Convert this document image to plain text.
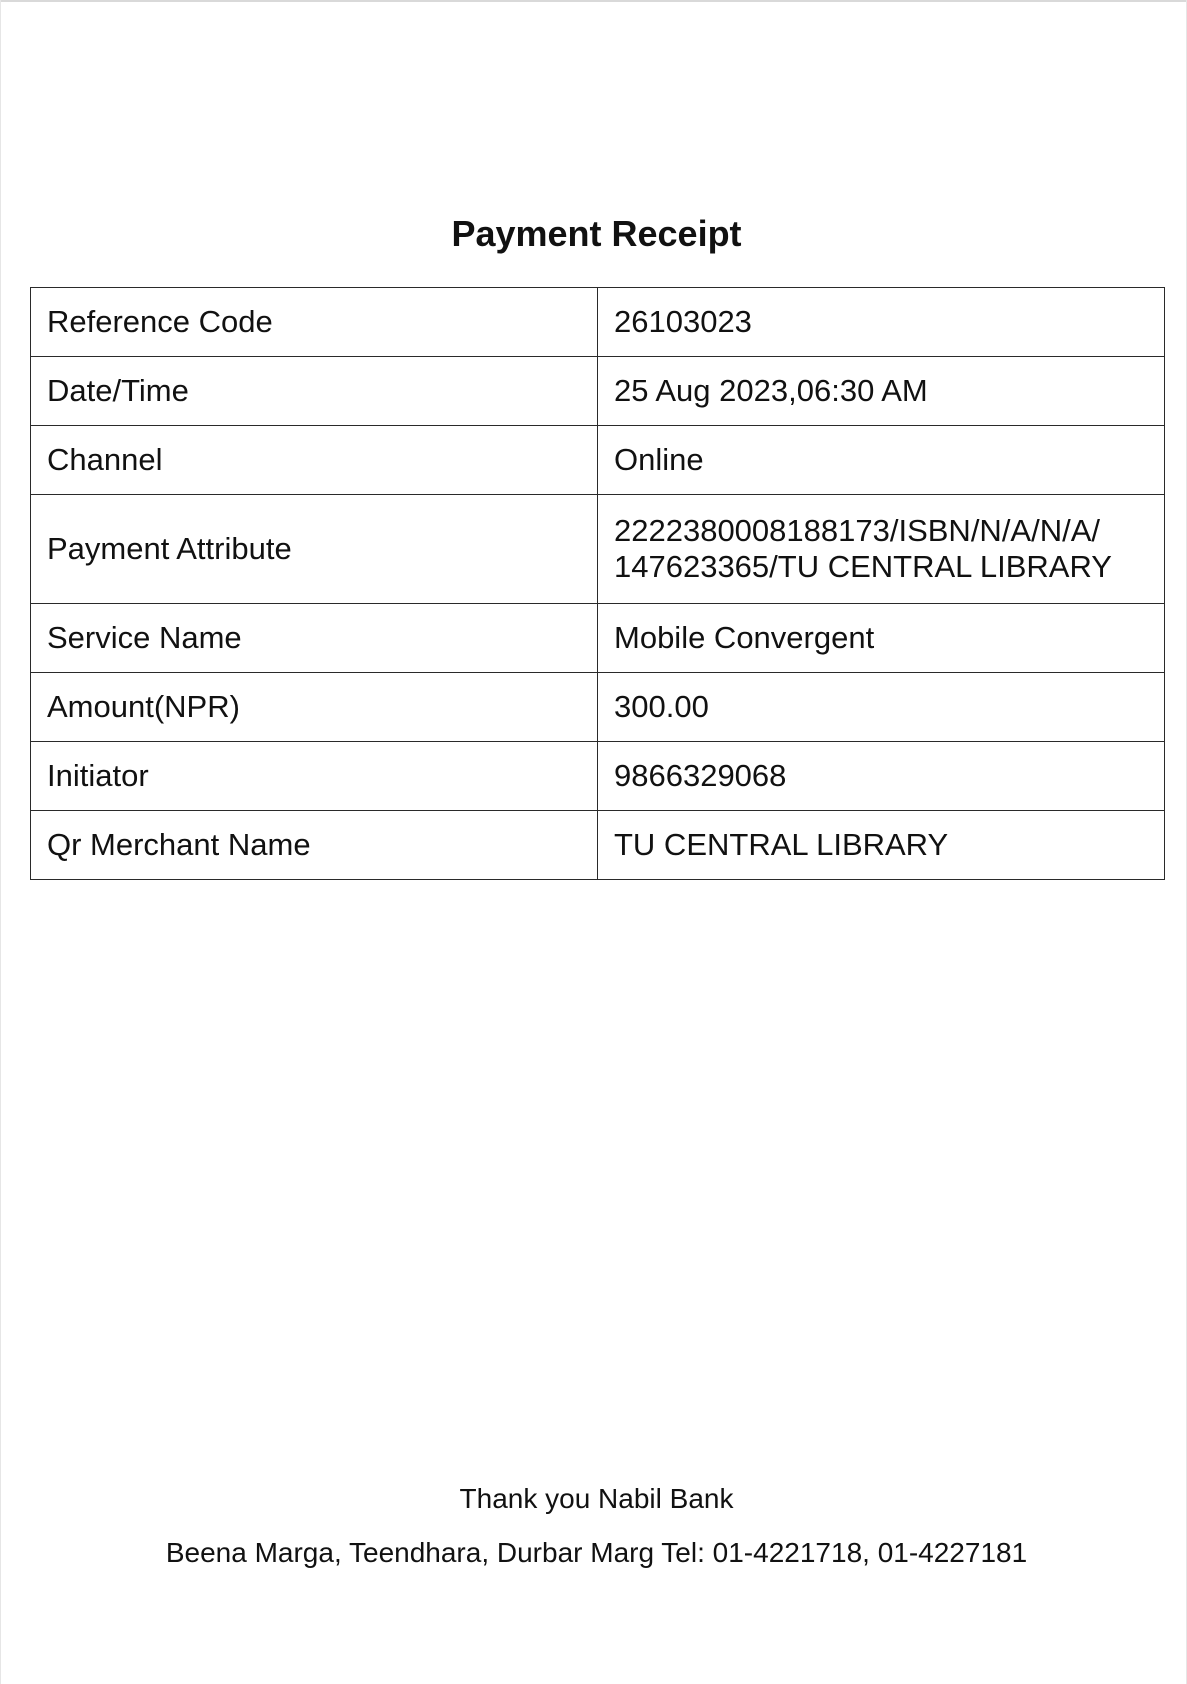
Payment Receipt
Reference Code	26103023
Date/Time	25 Aug 2023,06:30 AM
Channel	Online
Payment Attribute	2222380008188173/ISBN/N/A/N/A/
147623365/TU CENTRAL LIBRARY

Service Name	Mobile Convergent
Amount(NPR)	300.00
Initiator	9866329068
Qr Merchant Name	TU CENTRAL LIBRARY
Thank you Nabil Bank
Beena Marga, Teendhara, Durbar Marg Tel: 01-4221718, 01-4227181
